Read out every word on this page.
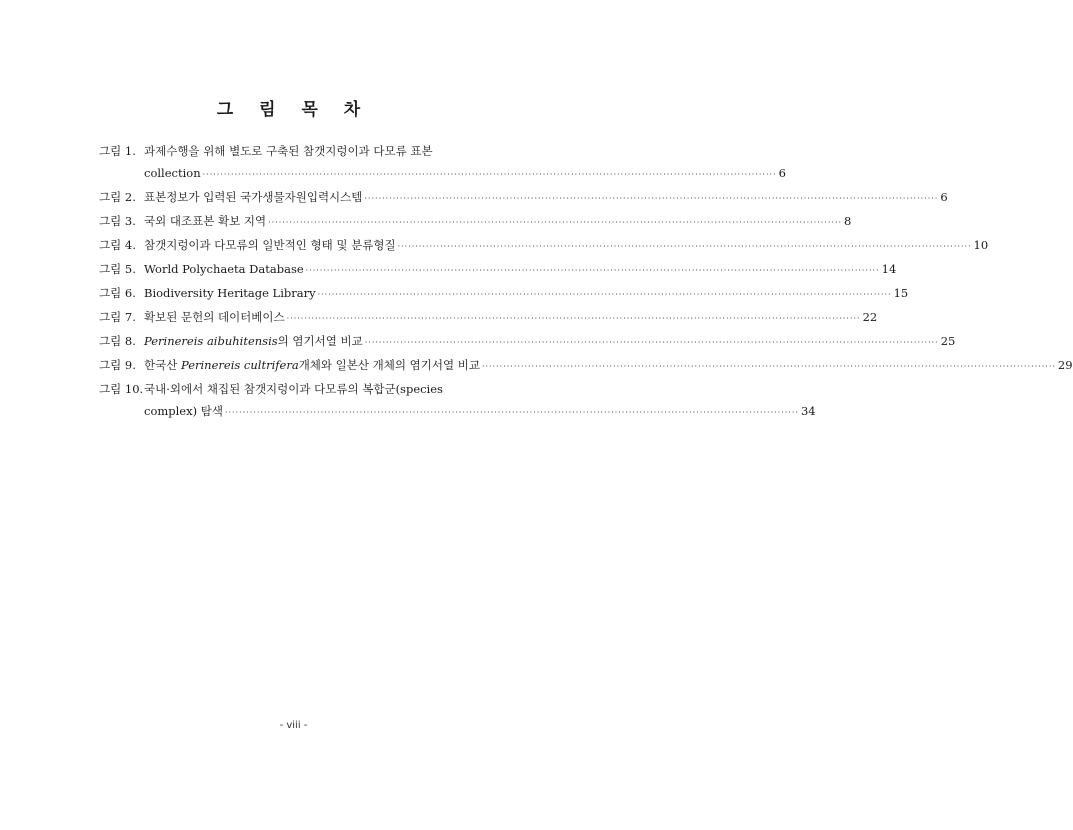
그 림 목 차
그림 1. 과제수행을 위해 별도로 구축된 참갯지렁이과 다모류 표본
collection ·····	6
그림 2. 표본정보가 입력된 국가생물자원입력시스템 ·····	6
그림 3. 국외 대조표본 확보 지역 ·····	8
그림 4. 참갯지렁이과 다모류의 일반적인 형태 및 분류형질 ·····	10
그림 5. World Polychaeta Database ·····	14
그림 6. Biodiversity Heritage Library ·····	15
그림 7. 확보된 문헌의 데이터베이스 ·····	22
그림 8. Perinereis aibuhitensis의 염기서열 비교 ·····	25
그림 9. 한국산 Perinereis cultrifera개체와 일본산 개체의 염기서열 비교 ·····	29
그림 10. 국내·외에서 채집된 참갯지렁이과 다모류의 복합군(species
complex) 탐색 ·····	34
- viii -
